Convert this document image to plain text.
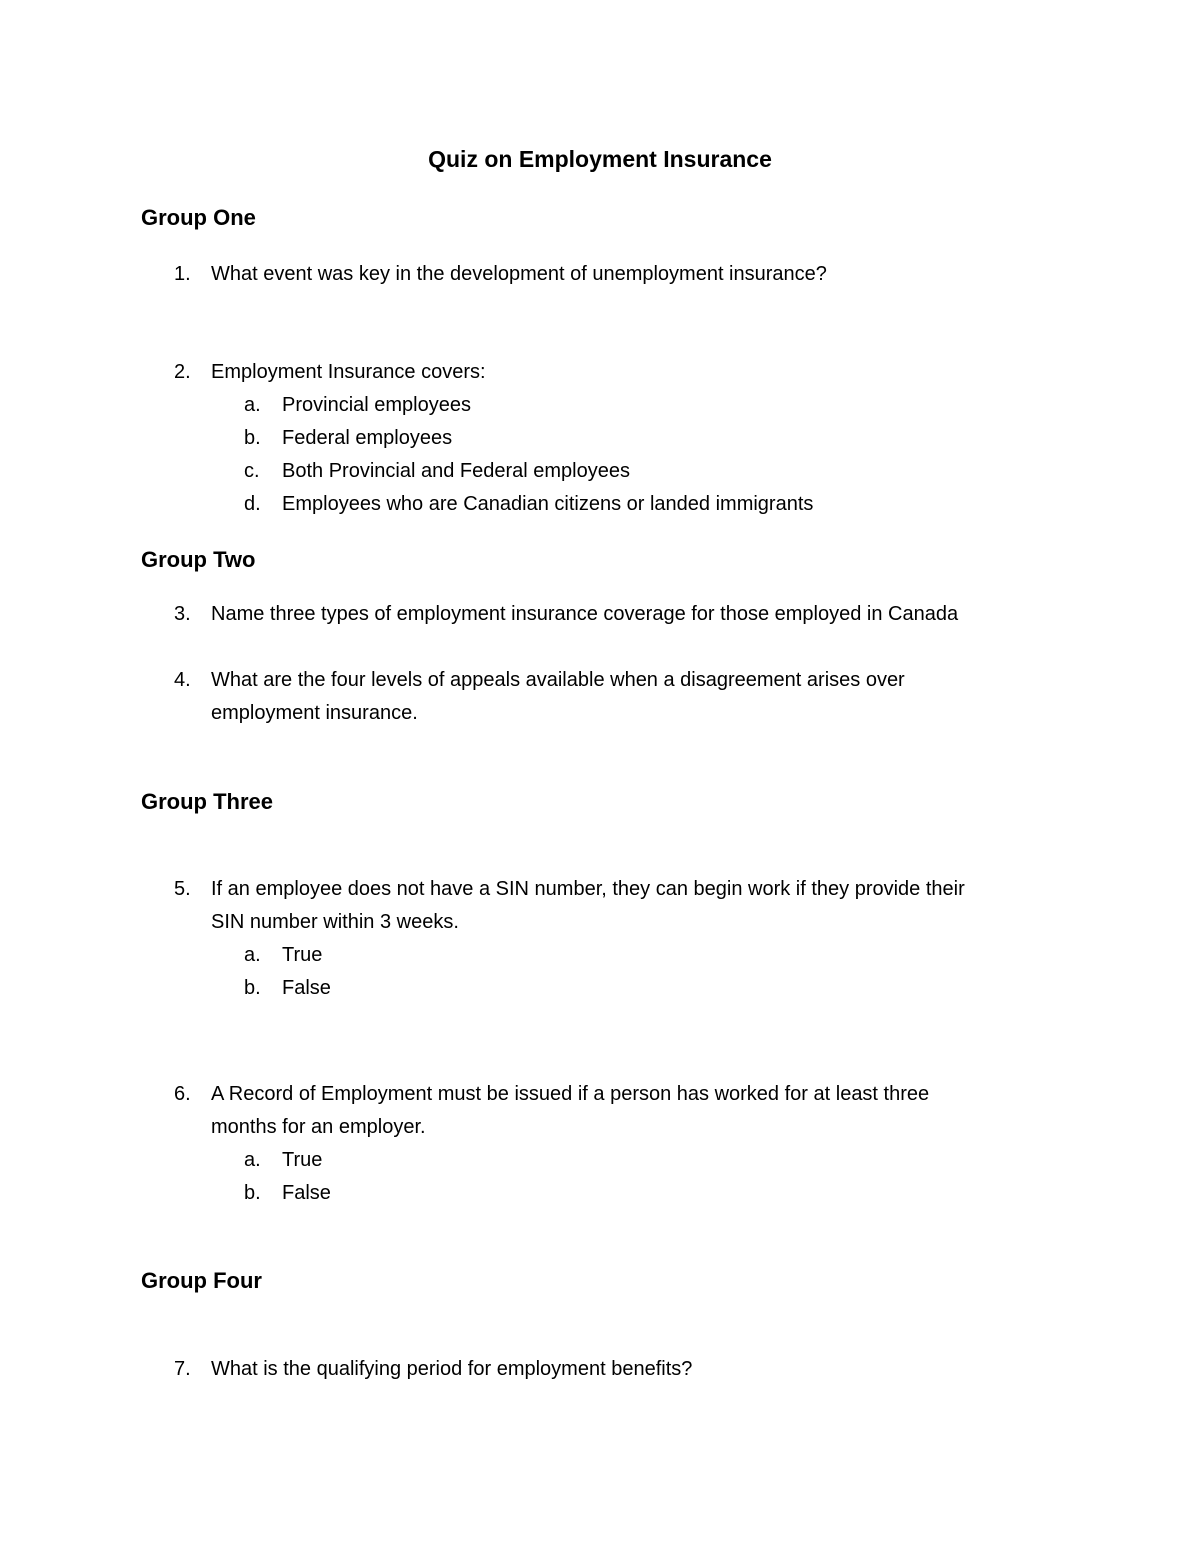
Quiz on Employment Insurance
Group One
1.	What event was key in the development of unemployment insurance?
2.	Employment Insurance covers:
a.	Provincial employees
b.	Federal employees
c.	Both Provincial and Federal employees
d.	Employees who are Canadian citizens or landed immigrants
Group Two
3.	Name three types of employment insurance coverage for those employed in Canada
4.	What are the four levels of appeals available when a disagreement arises over
employment insurance.
Group Three
5.	If an employee does not have a SIN number, they can begin work if they provide their
SIN number within 3 weeks.
a.	True
b.	False
6.	A Record of Employment must be issued if a person has worked for at least three
months for an employer.
a.	True
b.	False
Group Four
7.	What is the qualifying period for employment benefits?
